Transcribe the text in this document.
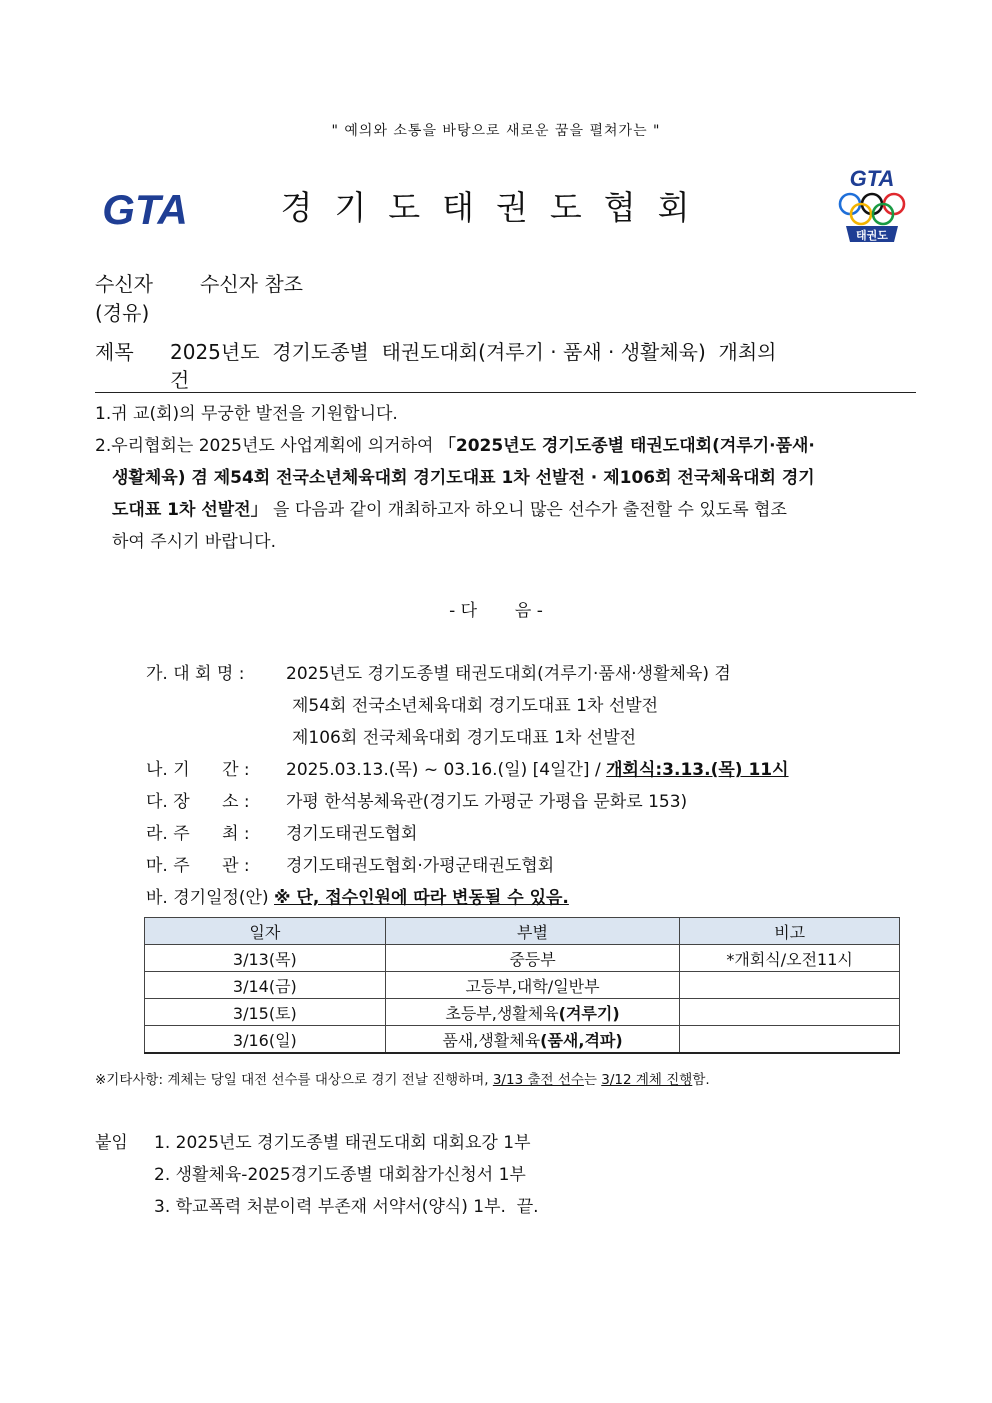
" 예의와 소통을 바탕으로 새로운 꿈을 펼쳐가는 "
GTA	경기도태권도협회
GTA
태권도
수신자 수신자 참조
(경유)
제목 2025년도  경기도종별  태권도대회(겨루기 · 품새 · 생활체육)  개최의
건
1.귀 교(회)의 무궁한 발전을 기원합니다.
2.우리협회는 2025년도 사업계획에 의거하여 「2025년도 경기도종별 태권도대회(겨루기·품새·
생활체육) 겸 제54회 전국소년체육대회 경기도대표 1차 선발전 · 제106회 전국체육대회 경기
도대표 1차 선발전」 을 다음과 같이 개최하고자 하오니 많은 선수가 출전할 수 있도록 협조
하여 주시기 바랍니다.
- 다       음 -
가. 대 회 명 : 2025년도 경기도종별 태권도대회(겨루기·품새·생활체육) 겸
제54회 전국소년체육대회 경기도대표 1차 선발전
제106회 전국체육대회 경기도대표 1차 선발전
나. 기      간 : 2025.03.13.(목) ~ 03.16.(일) [4일간] / 개회식:3.13.(목) 11시
다. 장      소 : 가평 한석봉체육관(경기도 가평군 가평읍 문화로 153)
라. 주      최 : 경기도태권도협회
마. 주      관 : 경기도태권도협회·가평군태권도협회
바. 경기일정(안) ※ 단, 접수인원에 따라 변동될 수 있음.
일자	부별	비고
3/13(목)	중등부	*개회식/오전11시
3/14(금)	고등부,대학/일반부	
3/15(토)	초등부,생활체육(겨루기)	
3/16(일)	품새,생활체육(품새,격파)	
※기타사항: 계체는 당일 대전 선수를 대상으로 경기 전날 진행하며, 3/13 출전 선수는 3/12 계체 진행함.
붙임 1. 2025년도 경기도종별 태권도대회 대회요강 1부
2. 생활체육-2025경기도종별 대회참가신청서 1부
3. 학교폭력 처분이력 부존재 서약서(양식) 1부.  끝.
